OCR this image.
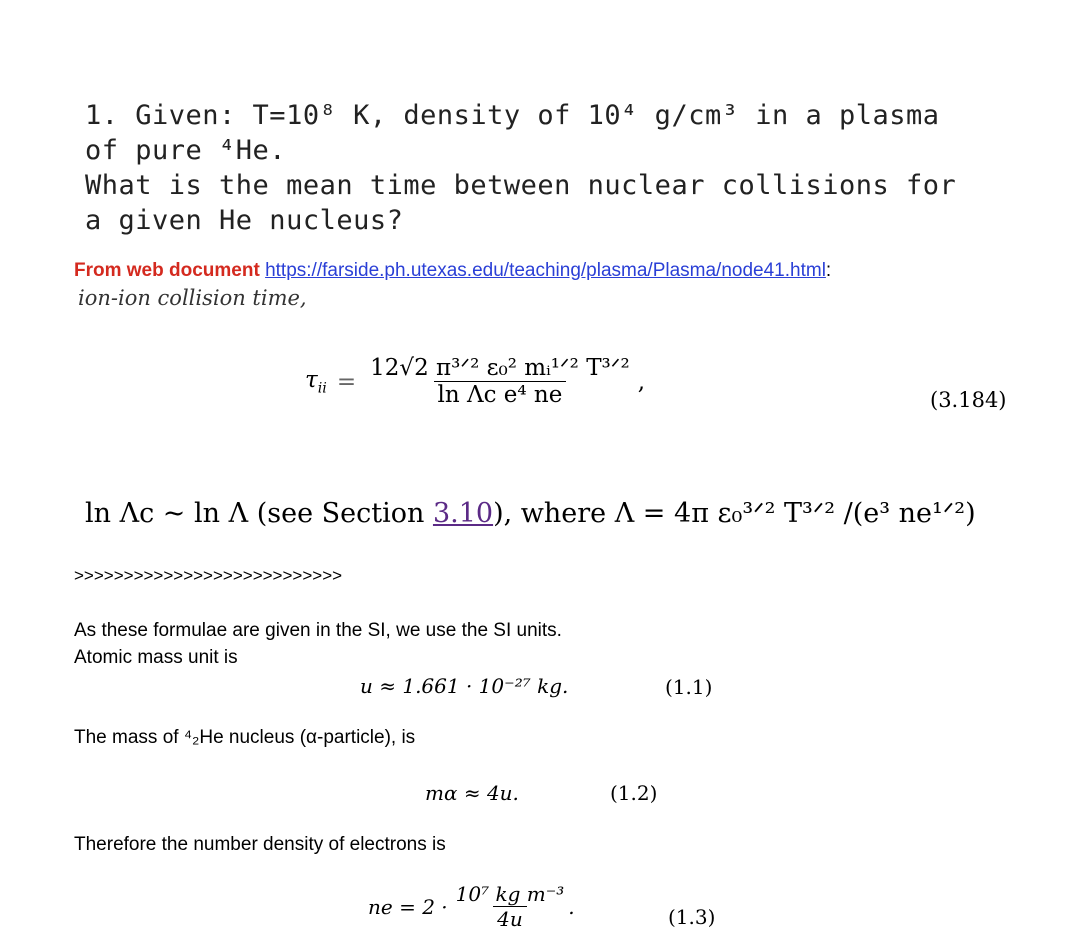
1. Given: T=10⁸ K, density of 10⁴ g/cm³ in a plasma
of pure ⁴He.
What is the mean time between nuclear collisions for
a given He nucleus?
From web document https://farside.ph.utexas.edu/teaching/plasma/Plasma/node41.html:
ion-ion collision time,
$\tau_{ii} = \frac{\text{12√2 π³ᐟ² ε₀² mᵢ¹ᐟ² T³ᐟ²}}{\text{ln Λc e⁴ ne}}$ ,
(3.184)
ln Λc ~ ln Λ (see Section 3.10), where Λ = 4π ε₀³ᐟ² T³ᐟ² /(e³ ne¹ᐟ²)
>>>>>>>>>>>>>>>>>>>>>>>>>>>
As these formulae are given in the SI, we use the SI units.
Atomic mass unit is
u ≈ 1.661 · 10⁻²⁷ kg.	(1.1)
The mass of ⁴₂He nucleus (α-particle), is
mα ≈ 4u.	(1.2)
Therefore the number density of electrons is
ne = $2 \cdot \frac{\text{10⁷ kg m⁻³}}{4u}$ .	(1.3)
